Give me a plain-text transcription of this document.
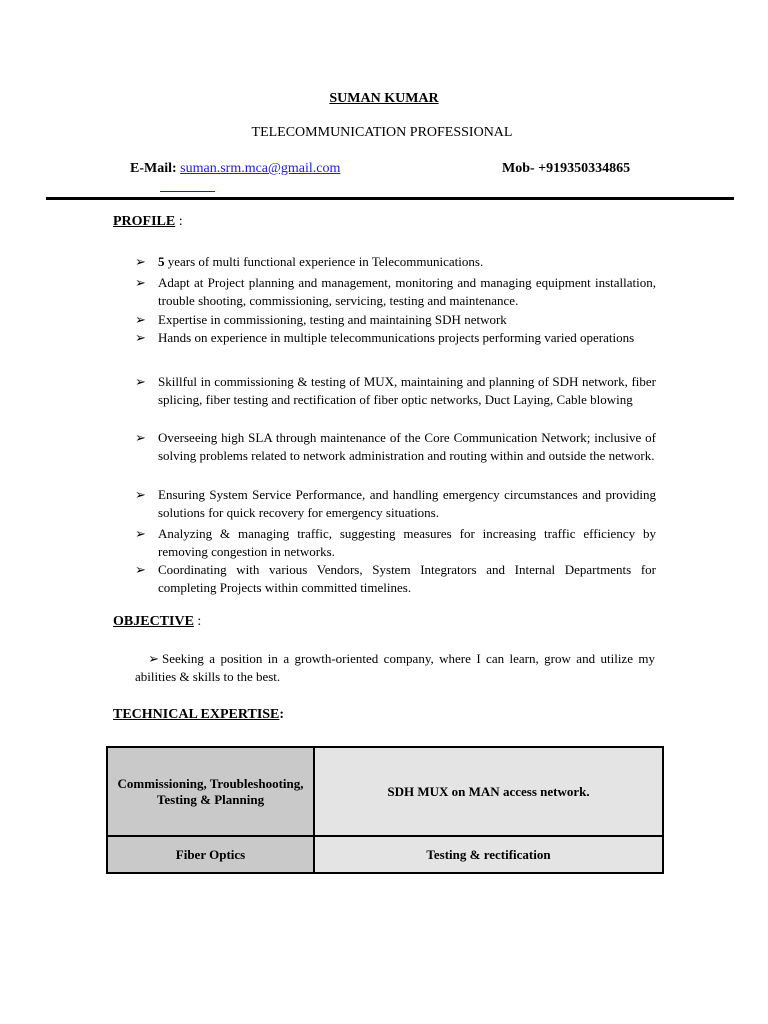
SUMAN KUMAR
TELECOMMUNICATION PROFESSIONAL
E-Mail: suman.srm.mca@gmail.com	Mob- +919350334865
PROFILE :
➢ 5 years of multi functional experience in Telecommunications.
➢ Adapt at Project planning and management, monitoring and managing equipment installation, trouble shooting, commissioning, servicing, testing and maintenance.
➢ Expertise in commissioning, testing and maintaining SDH network
➢ Hands on experience in multiple telecommunications projects performing varied operations
➢ Skillful in commissioning & testing of MUX, maintaining and planning of SDH network, fiber splicing, fiber testing and rectification of fiber optic networks, Duct Laying, Cable blowing
➢ Overseeing high SLA through maintenance of the Core Communication Network; inclusive of solving problems related to network administration and routing within and outside the network.
➢ Ensuring System Service Performance, and handling emergency circumstances and providing solutions for quick recovery for emergency situations.
➢ Analyzing & managing traffic, suggesting measures for increasing traffic efficiency by removing congestion in networks.
➢ Coordinating with various Vendors, System Integrators and Internal Departments for completing Projects within committed timelines.
OBJECTIVE :
➢ Seeking a position in a growth-oriented company, where I can learn, grow and utilize my abilities & skills to the best.
TECHNICAL EXPERTISE:
Commissioning, Troubleshooting, Testing & Planning	SDH MUX on MAN access network.
Fiber Optics	Testing & rectification
